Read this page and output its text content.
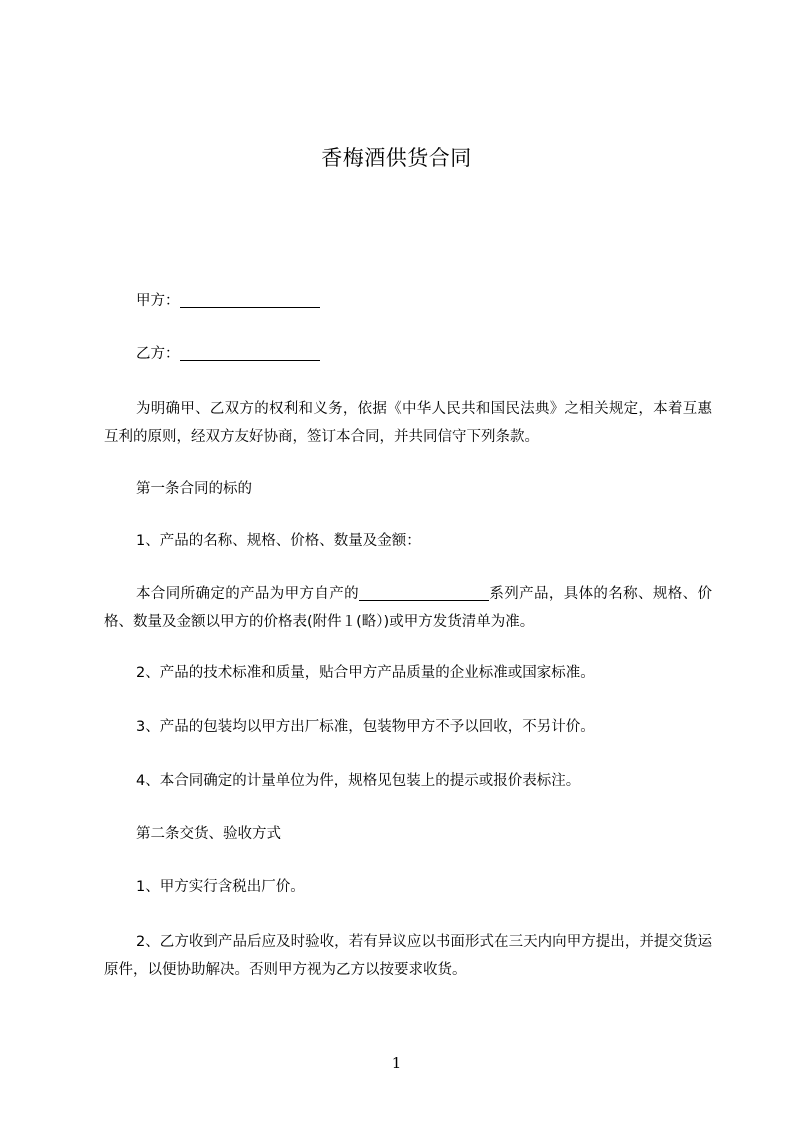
香梅酒供货合同
甲方：
乙方：
为明确甲、乙双方的权利和义务，依据《中华人民共和国民法典》之相关规定，本着互惠互利的原则，经双方友好协商，签订本合同，并共同信守下列条款。
第一条合同的标的
1、产品的名称、规格、价格、数量及金额：
本合同所确定的产品为甲方自产的	系列产品，具体的名称、规格、价格、数量及金额以甲方的价格表(附件１(略）)或甲方发货清单为准。
2、产品的技术标准和质量，贴合甲方产品质量的企业标准或国家标准。
3、产品的包装均以甲方出厂标准，包装物甲方不予以回收，不另计价。
4、本合同确定的计量单位为件，规格见包装上的提示或报价表标注。
第二条交货、验收方式
1、甲方实行含税出厂价。
2、乙方收到产品后应及时验收，若有异议应以书面形式在三天内向甲方提出，并提交货运原件，以便协助解决。否则甲方视为乙方以按要求收货。
1
